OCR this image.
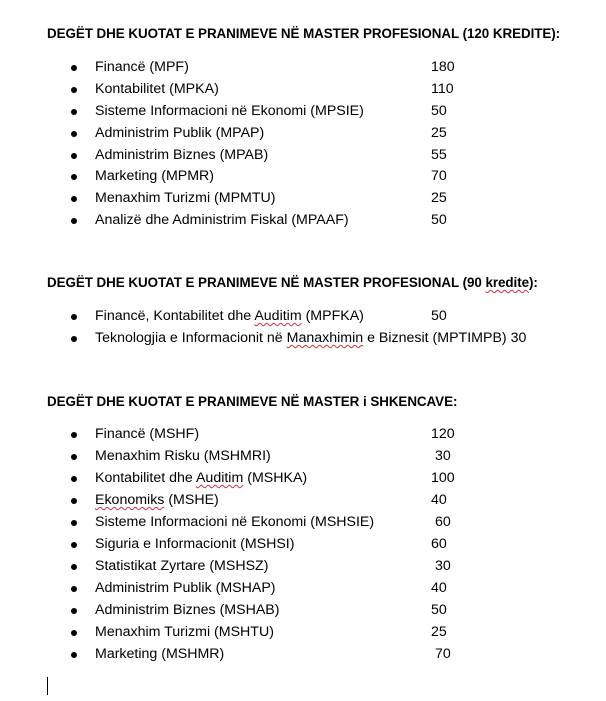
DEGËT DHE KUOTAT E PRANIMEVE NË MASTER PROFESIONAL (120 KREDITE):
Financë (MPF)	180
Kontabilitet (MPKA)	110
Sisteme Informacioni në Ekonomi (MPSIE)	50
Administrim Publik (MPAP)	25
Administrim Biznes (MPAB)	55
Marketing (MPMR)	70
Menaxhim Turizmi (MPMTU)	25
Analizë dhe Administrim Fiskal (MPAAF)	50
DEGËT DHE KUOTAT E PRANIMEVE NË MASTER PROFESIONAL (90 kredite):
Financë, Kontabilitet dhe Auditim (MPFKA)	50
Teknologjia e Informacionit në Manaxhimin e Biznesit (MPTIMPB) 30
DEGËT DHE KUOTAT E PRANIMEVE NË MASTER i SHKENCAVE:
Financë (MSHF)	120
Menaxhim Risku (MSHMRI)	30
Kontabilitet dhe Auditim (MSHKA)	100
Ekonomiks (MSHE)	40
Sisteme Informacioni në Ekonomi (MSHSIE)	60
Siguria e Informacionit (MSHSI)	60
Statistikat Zyrtare (MSHSZ)	30
Administrim Publik (MSHAP)	40
Administrim Biznes (MSHAB)	50
Menaxhim Turizmi (MSHTU)	25
Marketing (MSHMR)	70
